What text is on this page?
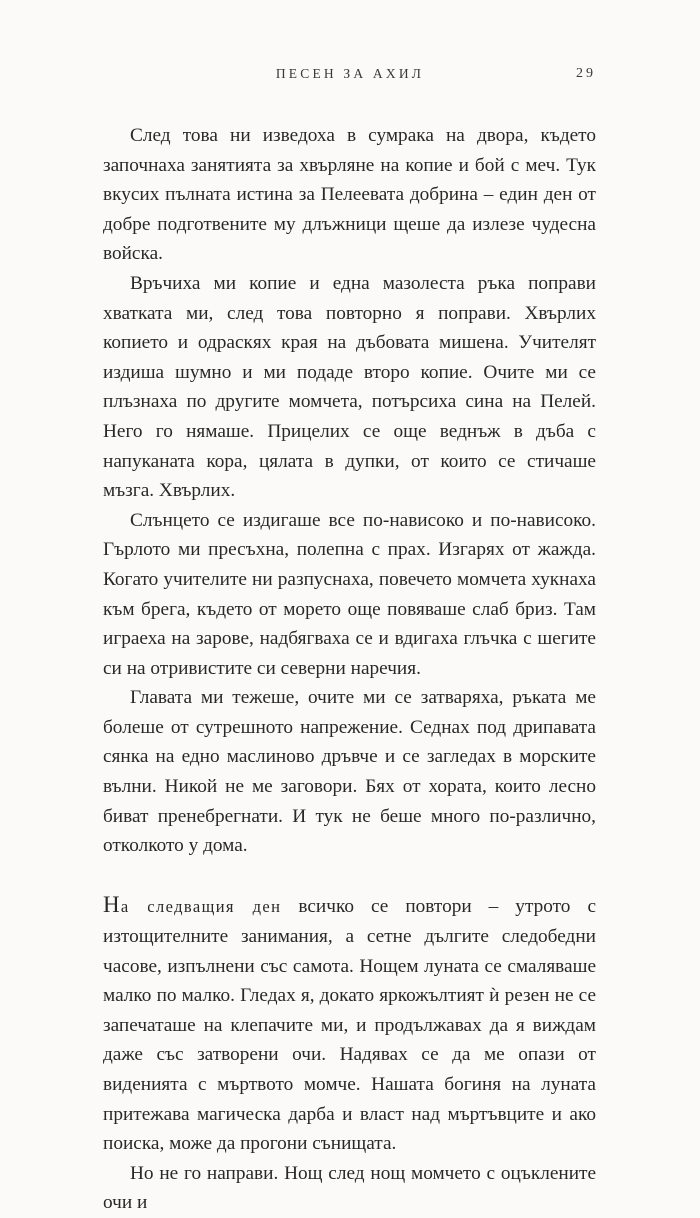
ПЕСЕН ЗА АХИЛ	29

След това ни изведоха в сумрака на двора, където започнаха занятията за хвърляне на копие и бой с меч. Тук вкусих пълната истина за Пелеевата добрина – един ден от добре подготвените му длъжници щеше да излезе чудесна войска.

Връчиха ми копие и една мазолеста ръка поправи хватката ми, след това повторно я поправи. Хвърлих копието и одраскях края на дъбовата мишена. Учителят издиша шумно и ми подаде второ копие. Очите ми се плъзнаха по другите момчета, потърсиха сина на Пелей. Него го нямаше. Прицелих се още веднъж в дъба с напуканата кора, цялата в дупки, от които се стичаше мъзга. Хвърлих.

Слънцето се издигаше все по-нависоко и по-нависоко. Гърлото ми пресъхна, полепна с прах. Изгарях от жажда. Когато учителите ни разпуснаха, повечето момчета хукнаха към брега, където от морето още повяваше слаб бриз. Там играеха на зарове, надбягваха се и вдигаха глъчка с шегите си на отривистите си северни наречия.

Главата ми тежеше, очите ми се затваряха, ръката ме болеше от сутрешното напрежение. Седнах под дрипавата сянка на едно маслиново дръвче и се загледах в морските вълни. Никой не ме заговори. Бях от хората, които лесно биват пренебрегнати. И тук не беше много по-различно, отколкото у дома.

На следващия ден всичко се повтори – утрото с изтощителните занимания, а сетне дългите следобедни часове, изпълнени със самота. Нощем луната се смаляваше малко по малко. Гледах я, докато яркожълтият ѝ резен не се запечаташе на клепачите ми, и продължавах да я виждам даже със затворени очи. Надявах се да ме опази от виденията с мъртвото момче. Нашата богиня на луната притежава магическа дарба и власт над мъртъвците и ако поиска, може да прогони сънищата.

Но не го направи. Нощ след нощ момчето с оцъклените очи и
